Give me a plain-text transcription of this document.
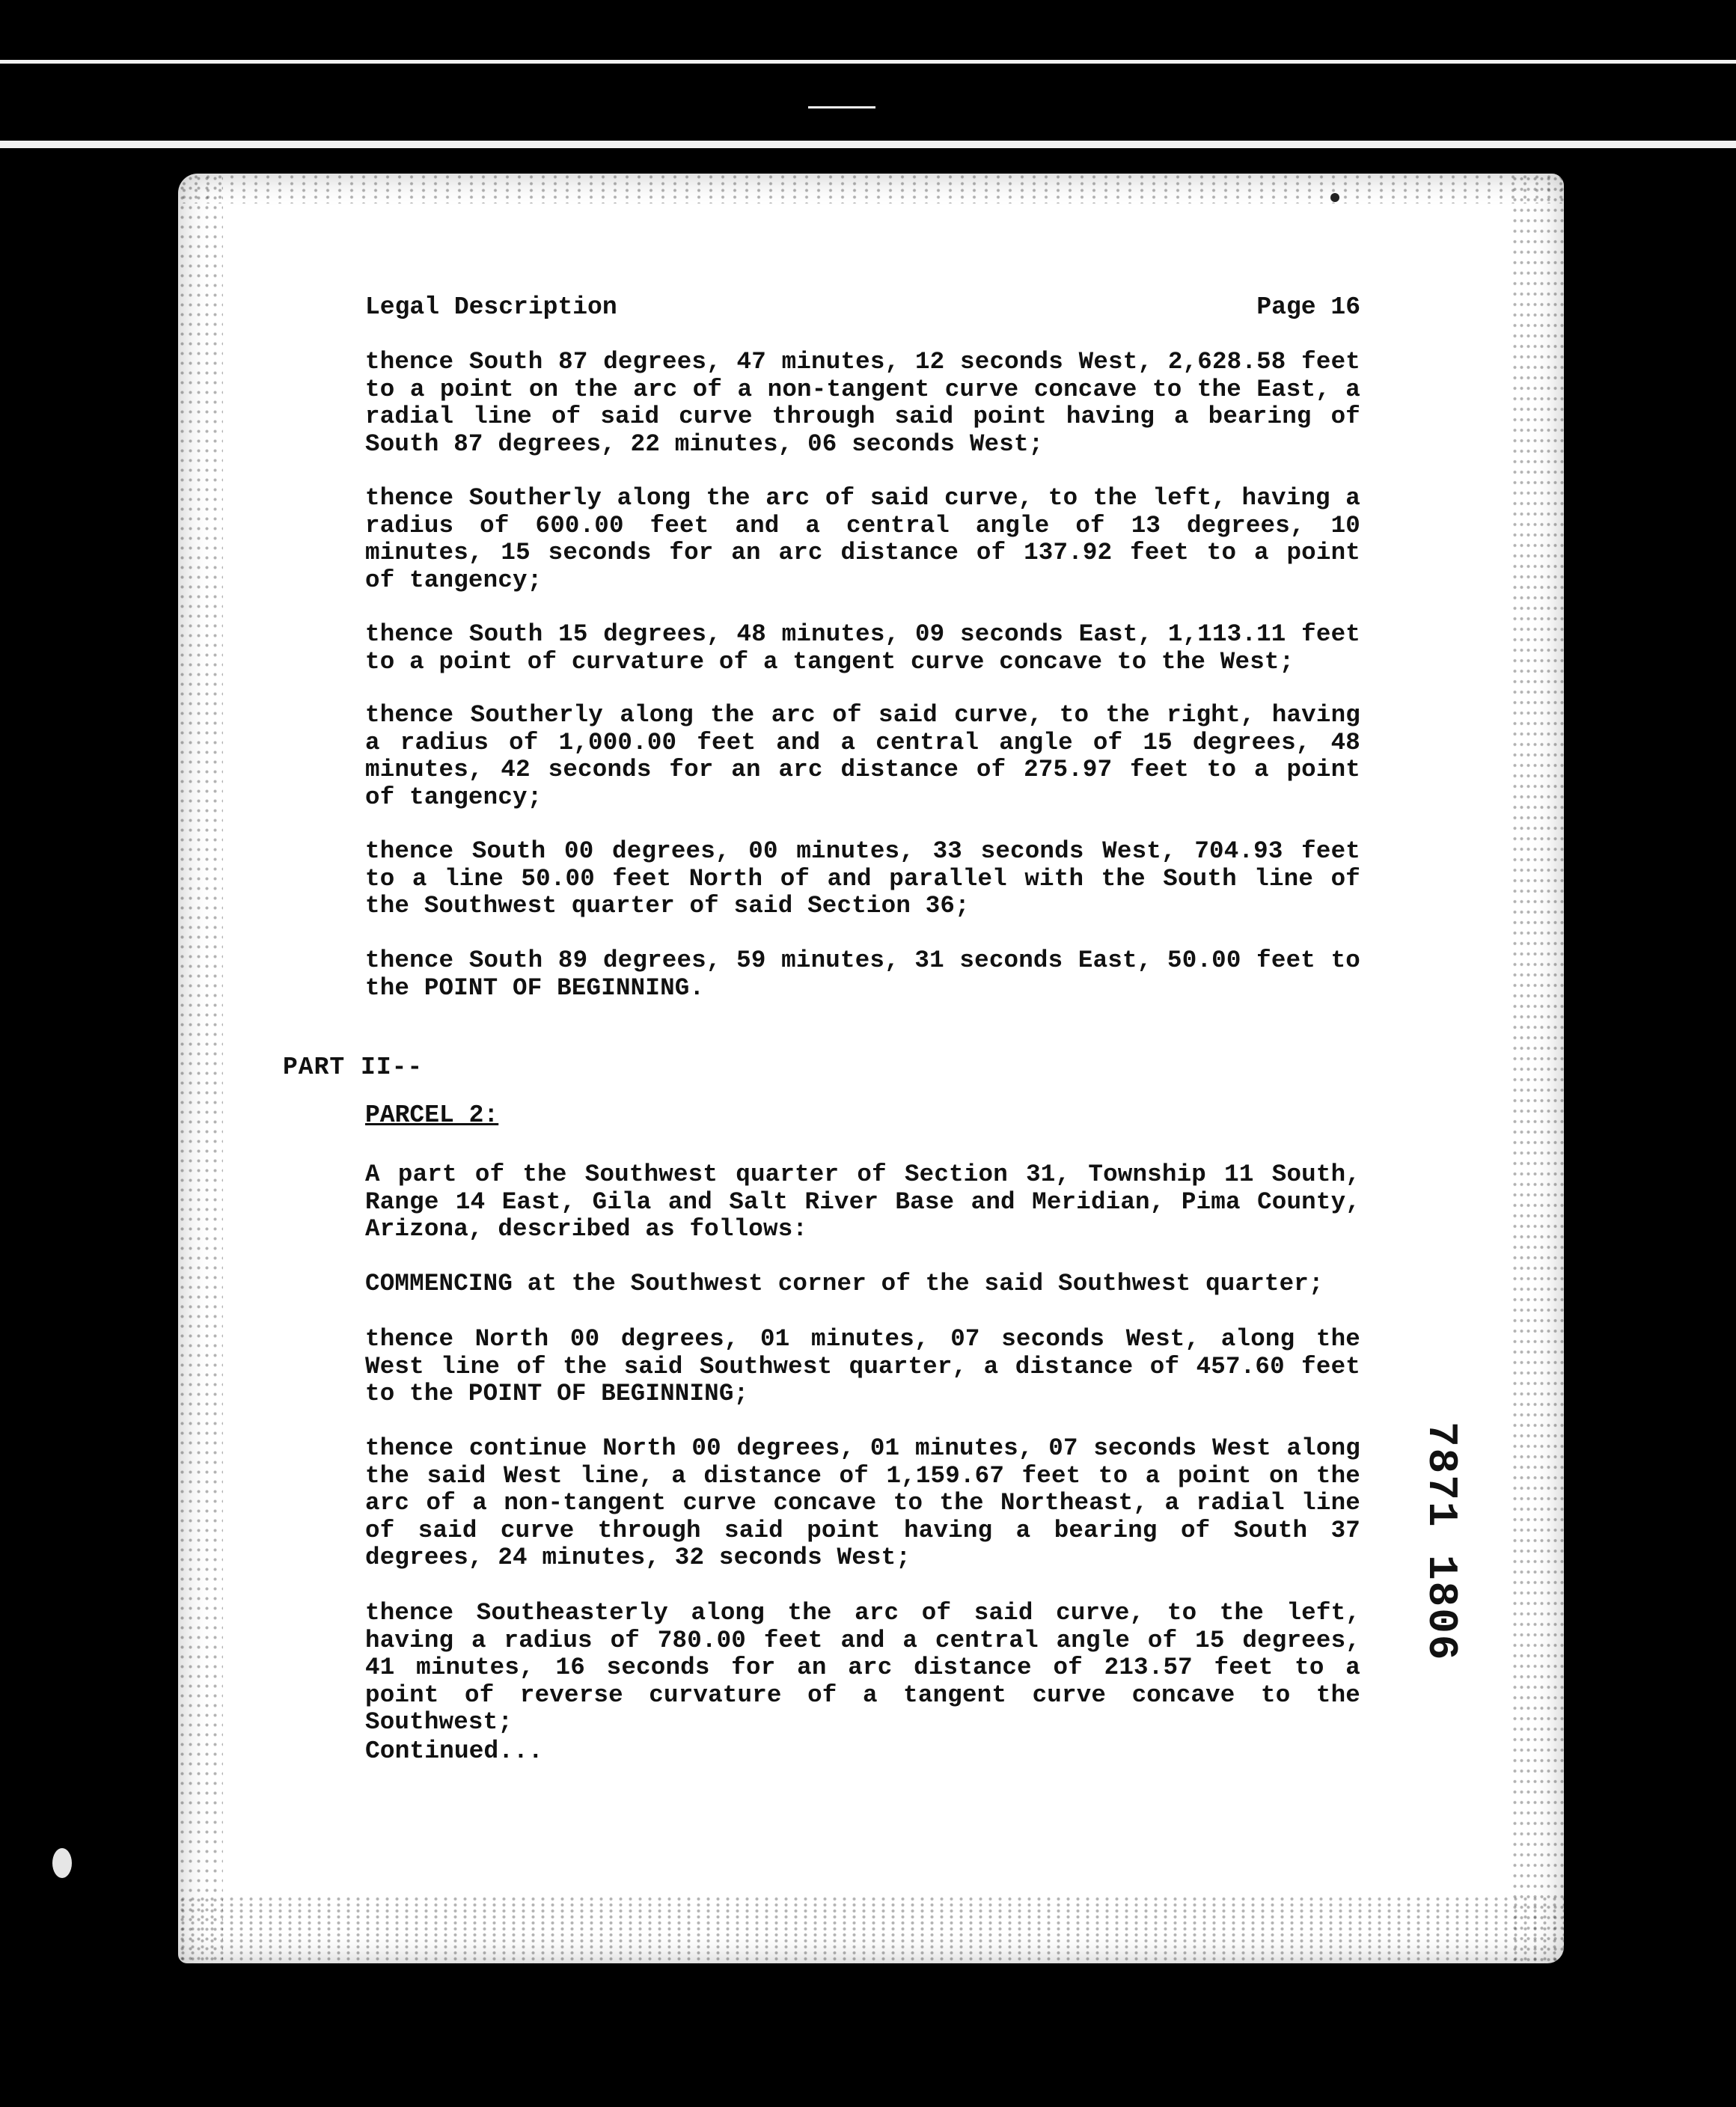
Legal Description	Page 16

thence South 87 degrees, 47 minutes, 12 seconds West, 2,628.58 feet to a point on the arc of a non-tangent curve concave to the East, a radial line of said curve through said point having a bearing of South 87 degrees, 22 minutes, 06 seconds West;

thence Southerly along the arc of said curve, to the left, having a radius of 600.00 feet and a central angle of 13 degrees, 10 minutes, 15 seconds for an arc distance of 137.92 feet to a point of tangency;

thence South 15 degrees, 48 minutes, 09 seconds East, 1,113.11 feet to a point of curvature of a tangent curve concave to the West;

thence Southerly along the arc of said curve, to the right, having a radius of 1,000.00 feet and a central angle of 15 degrees, 48 minutes, 42 seconds for an arc distance of 275.97 feet to a point of tangency;

thence South 00 degrees, 00 minutes, 33 seconds West, 704.93 feet to a line 50.00 feet North of and parallel with the South line of the Southwest quarter of said Section 36;

thence South 89 degrees, 59 minutes, 31 seconds East, 50.00 feet to the POINT OF BEGINNING.

PART II--
PARCEL 2:

A part of the Southwest quarter of Section 31, Township 11 South, Range 14 East, Gila and Salt River Base and Meridian, Pima County, Arizona, described as follows:

COMMENCING at the Southwest corner of the said Southwest quarter;

thence North 00 degrees, 01 minutes, 07 seconds West, along the West line of the said Southwest quarter, a distance of 457.60 feet to the POINT OF BEGINNING;

thence continue North 00 degrees, 01 minutes, 07 seconds West along the said West line, a distance of 1,159.67 feet to a point on the arc of a non-tangent curve concave to the Northeast, a radial line of said curve through said point having a bearing of South 37 degrees, 24 minutes, 32 seconds West;

thence Southeasterly along the arc of said curve, to the left, having a radius of 780.00 feet and a central angle of 15 degrees, 41 minutes, 16 seconds for an arc distance of 213.57 feet to a point of reverse curvature of a tangent curve concave to the Southwest;

Continued...
7871 1806
